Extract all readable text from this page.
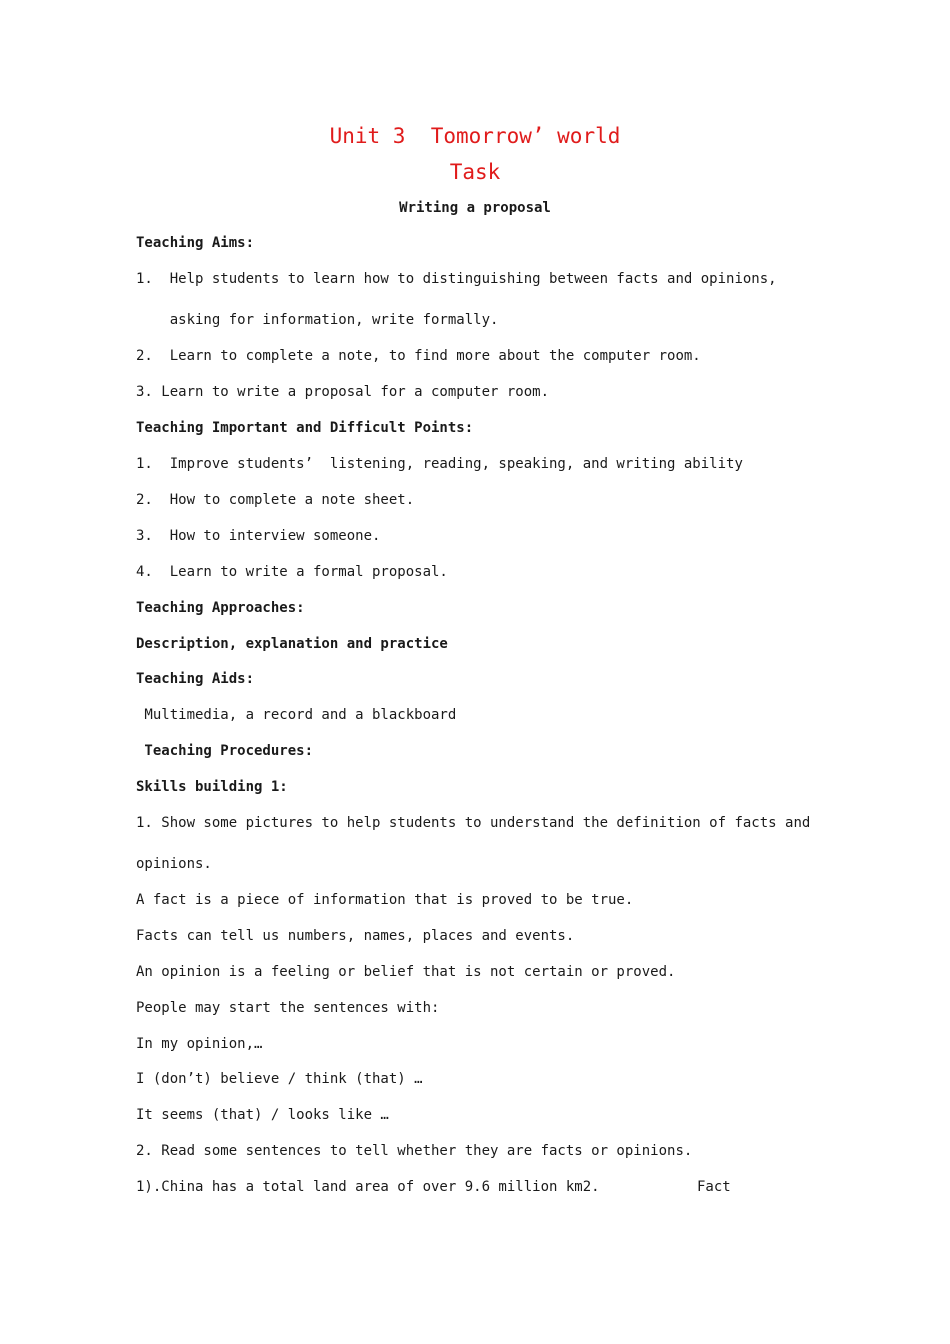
Unit 3  Tomorrow’ world
Task
Writing a proposal
Teaching Aims:
1.  Help students to learn how to distinguishing between facts and opinions,
asking for information, write formally.
2.  Learn to complete a note, to find more about the computer room.
3. Learn to write a proposal for a computer room.
Teaching Important and Difficult Points:
1.  Improve students’  listening, reading, speaking, and writing ability
2.  How to complete a note sheet.
3.  How to interview someone.
4.  Learn to write a formal proposal.
Teaching Approaches:
Description, explanation and practice
Teaching Aids:
Multimedia, a record and a blackboard
Teaching Procedures:
Skills building 1:
1. Show some pictures to help students to understand the definition of facts and
opinions.
A fact is a piece of information that is proved to be true.
Facts can tell us numbers, names, places and events.
An opinion is a feeling or belief that is not certain or proved.
People may start the sentences with:
In my opinion,…
I (don’t) believe / think (that) …
It seems (that) / looks like …
2. Read some sentences to tell whether they are facts or opinions.
1).China has a total land area of over 9.6 million km2.	Fact
